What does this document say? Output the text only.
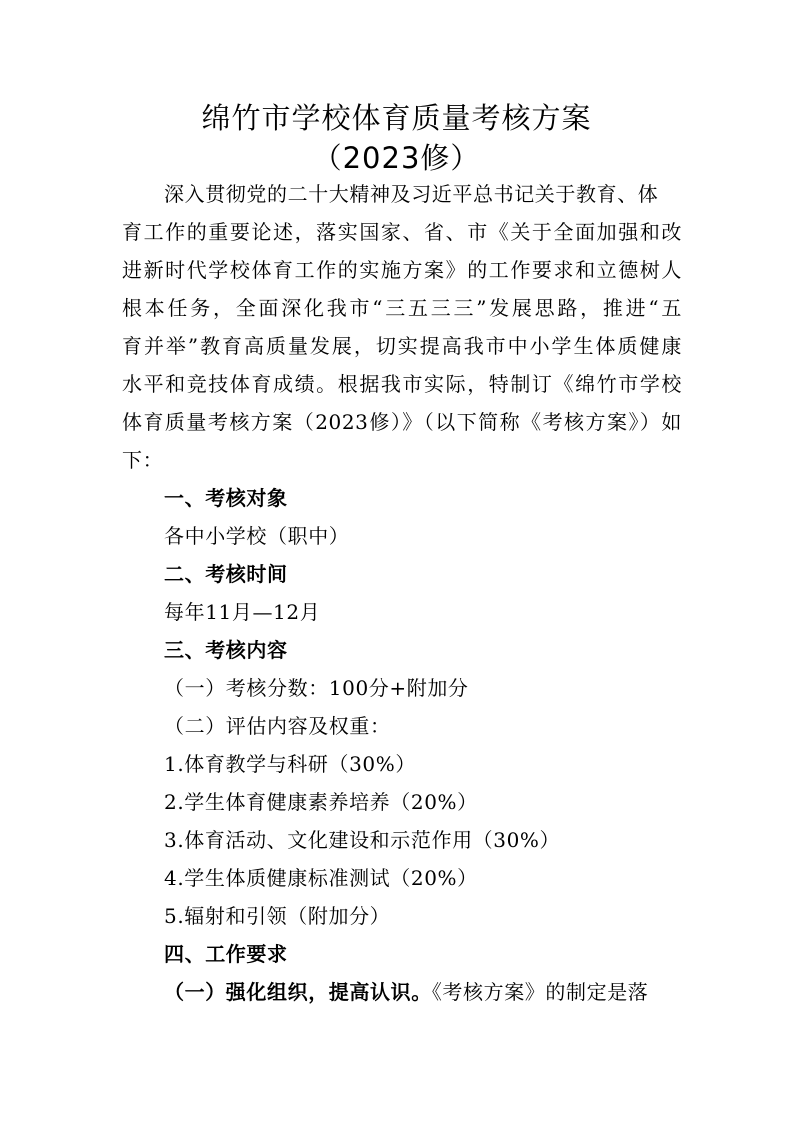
绵竹市学校体育质量考核方案
（2023修）
深入贯彻党的二十大精神及习近平总书记关于教育、体
育工作的重要论述，落实国家、省、市《关于全面加强和改
进新时代学校体育工作的实施方案》的工作要求和立德树人
根本任务，全面深化我市“三五三三”发展思路，推进“五
育并举”教育高质量发展，切实提高我市中小学生体质健康
水平和竞技体育成绩。根据我市实际，特制订《绵竹市学校
体育质量考核方案（2023修）》（以下简称《考核方案》）如
下：
一、考核对象
各中小学校（职中）
二、考核时间
每年11月—12月
三、考核内容
（一）考核分数：100分+附加分
（二）评估内容及权重：
1.体育教学与科研（30%）
2.学生体育健康素养培养（20%）
3.体育活动、文化建设和示范作用（30%）
4.学生体质健康标准测试（20%）
5.辐射和引领（附加分）
四、工作要求
（一）强化组织，提高认识。《考核方案》的制定是落
